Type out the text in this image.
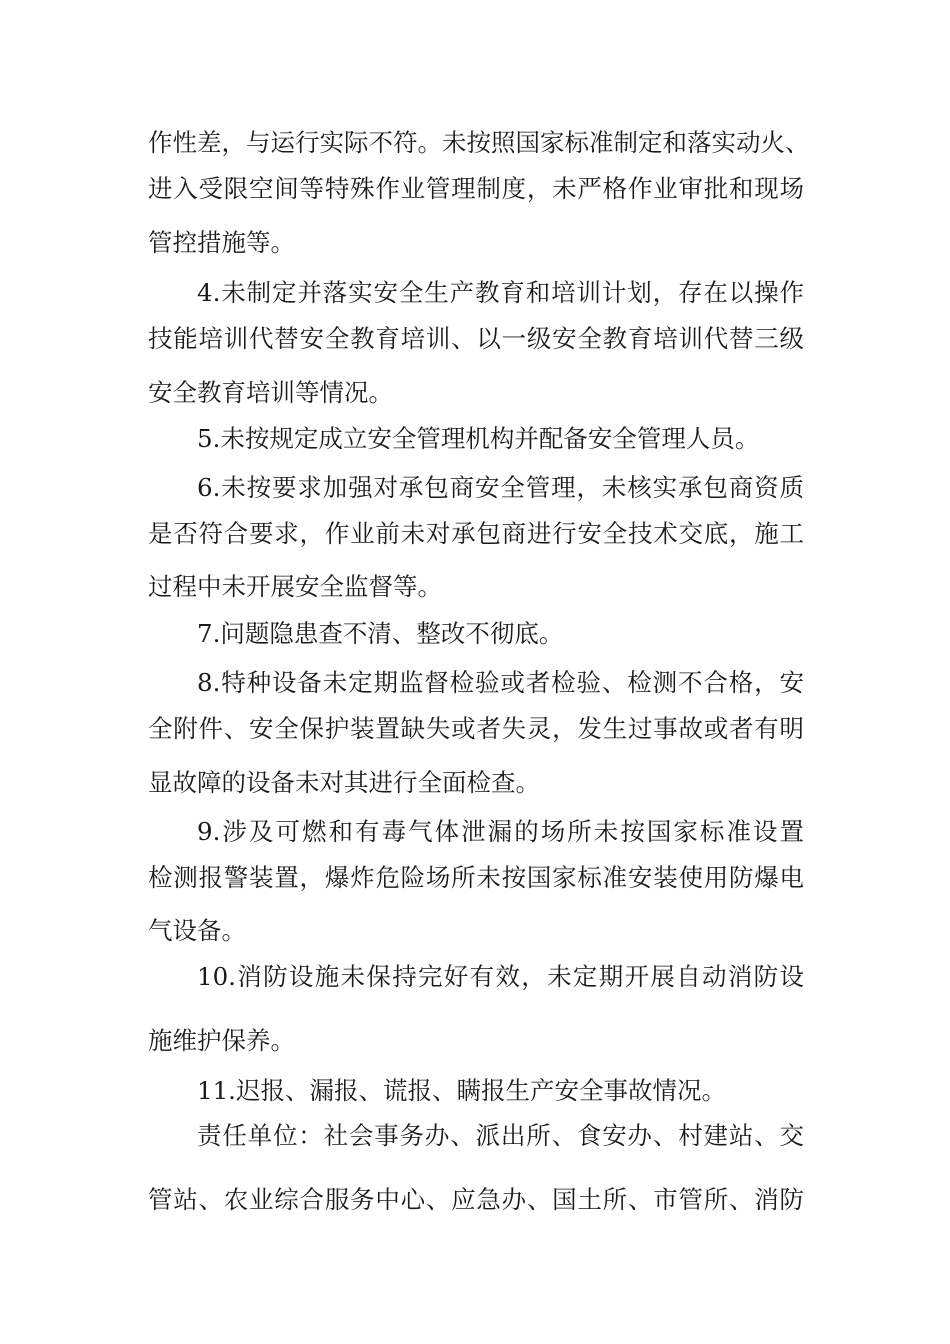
作性差，与运行实际不符。未按照国家标准制定和落实动火、
进入受限空间等特殊作业管理制度，未严格作业审批和现场
管控措施等。
4.未制定并落实安全生产教育和培训计划，存在以操作
技能培训代替安全教育培训、以一级安全教育培训代替三级
安全教育培训等情况。
5.未按规定成立安全管理机构并配备安全管理人员。
6.未按要求加强对承包商安全管理，未核实承包商资质
是否符合要求，作业前未对承包商进行安全技术交底，施工
过程中未开展安全监督等。
7.问题隐患查不清、整改不彻底。
8.特种设备未定期监督检验或者检验、检测不合格，安
全附件、安全保护装置缺失或者失灵，发生过事故或者有明
显故障的设备未对其进行全面检查。
9.涉及可燃和有毒气体泄漏的场所未按国家标准设置
检测报警装置，爆炸危险场所未按国家标准安装使用防爆电
气设备。
10.消防设施未保持完好有效，未定期开展自动消防设
施维护保养。
11.迟报、漏报、谎报、瞒报生产安全事故情况。
责任单位：社会事务办、派出所、食安办、村建站、交
管站、农业综合服务中心、应急办、国土所、市管所、消防
